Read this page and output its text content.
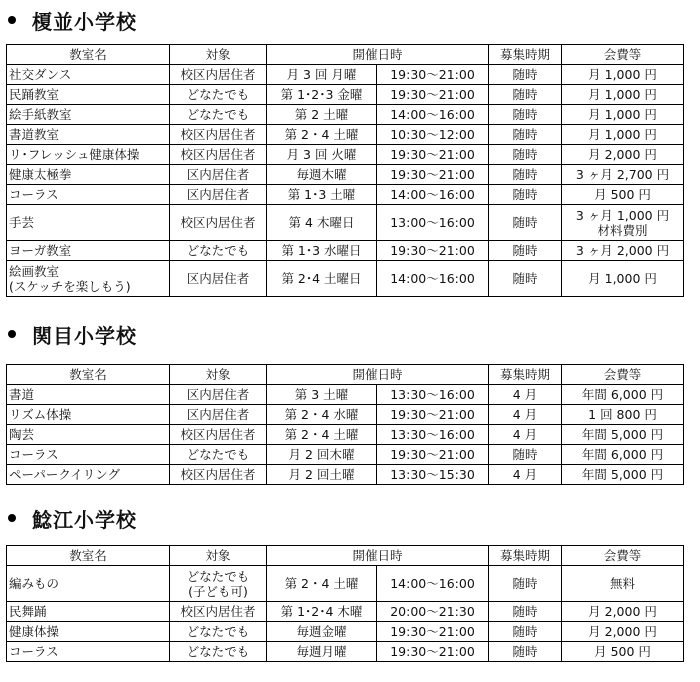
榎並小学校
教室名	対象	開催日時		募集時期	会費等

社交ダンス	校区内居住者	月 3 回 月曜	19:30〜21:00	随時	月 1,000 円

民踊教室	どなたでも	第 1･2･3 金曜	19:30〜21:00	随時	月 1,000 円

絵手紙教室	どなたでも	第 2 土曜	14:00〜16:00	随時	月 1,000 円

書道教室	校区内居住者	第 2・4 土曜	10:30〜12:00	随時	月 1,000 円

リ･フレッシュ健康体操	校区内居住者	月 3 回 火曜	19:30〜21:00	随時	月 2,000 円

健康太極拳	区内居住者	毎週木曜	19:30〜21:00	随時	3 ヶ月 2,700 円

コーラス	区内居住者	第 1･3 土曜	14:00〜16:00	随時	月 500 円

手芸	校区内居住者	第 4 木曜日	13:00〜16:00	随時	3 ヶ月 1,000 円
材料費別

ヨーガ教室	どなたでも	第 1･3 水曜日	19:30〜21:00	随時	3 ヶ月 2,000 円

絵画教室
(スケッチを楽しもう)	区内居住者	第 2･4 土曜日	14:00〜16:00	随時	月 1,000 円
関目小学校
教室名	対象	開催日時		募集時期	会費等

書道	区内居住者	第 3 土曜	13:30〜16:00	4 月	年間 6,000 円

リズム体操	区内居住者	第 2・4 水曜	19:30〜21:00	4 月	1 回 800 円

陶芸	校区内居住者	第 2・4 土曜	13:30〜16:00	4 月	年間 5,000 円

コーラス	どなたでも	月 2 回木曜	19:30〜21:00	随時	年間 6,000 円

ペーパークイリング	校区内居住者	月 2 回土曜	13:30〜15:30	4 月	年間 5,000 円
鯰江小学校
教室名	対象	開催日時		募集時期	会費等

編みもの	どなたでも
(子ども可)	第 2・4 土曜	14:00〜16:00	随時	無料

民舞踊	校区内居住者	第 1･2･4 木曜	20:00〜21:30	随時	月 2,000 円

健康体操	どなたでも	毎週金曜	19:30〜21:00	随時	月 2,000 円

コーラス	どなたでも	毎週月曜	19:30〜21:00	随時	月 500 円
